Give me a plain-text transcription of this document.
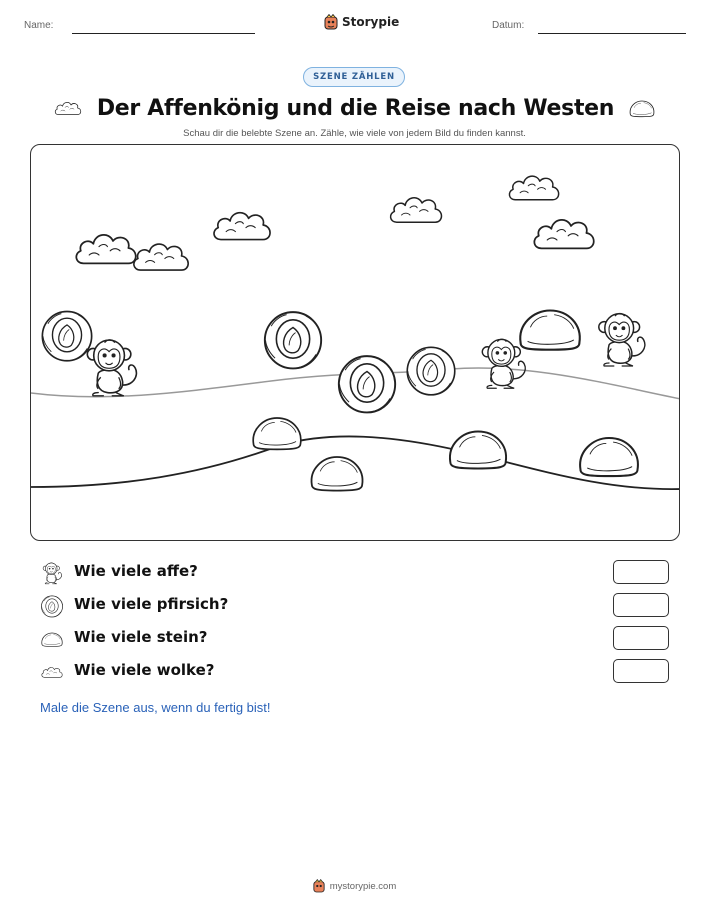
Name:	Storypie	Datum:
SZENE ZÄHLEN
Der Affenkönig und die Reise nach Westen
Schau dir die belebte Szene an. Zähle, wie viele von jedem Bild du finden kannst.
Wie viele affe?
Wie viele pfirsich?
Wie viele stein?
Wie viele wolke?
Male die Szene aus, wenn du fertig bist!
mystorypie.com
